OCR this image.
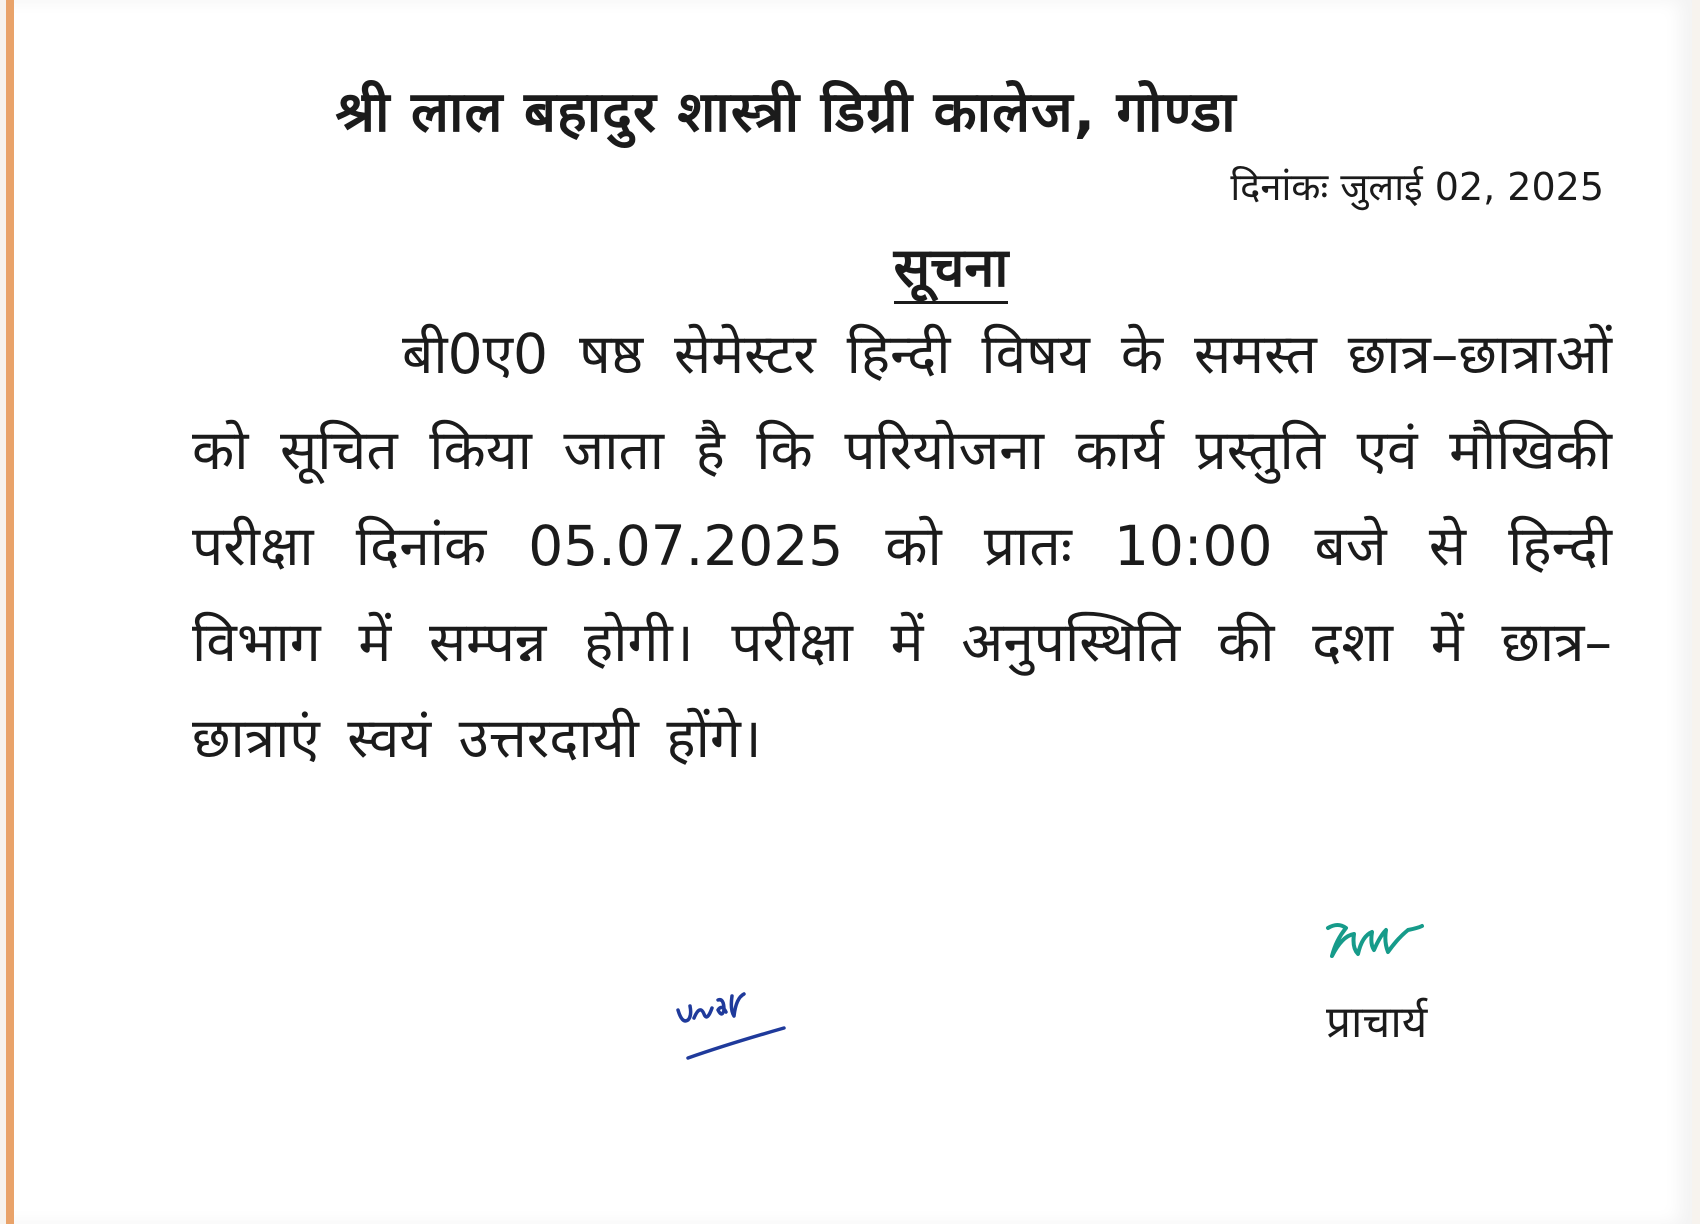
श्री लाल बहादुर शास्त्री डिग्री कालेज, गोण्डा
दिनांकः जुलाई 02, 2025
सूचना
बी0ए0 षष्ठ सेमेस्टर हिन्दी विषय के समस्त छात्र–छात्राओं को सूचित किया जाता है कि परियोजना कार्य प्रस्तुति एवं मौखिकी परीक्षा दिनांक 05.07.2025 को प्रातः 10:00 बजे से हिन्दी विभाग में सम्पन्न होगी। परीक्षा में अनुपस्थिति की दशा में छात्र–छात्राएं स्वयं उत्तरदायी होंगे।
प्राचार्य
